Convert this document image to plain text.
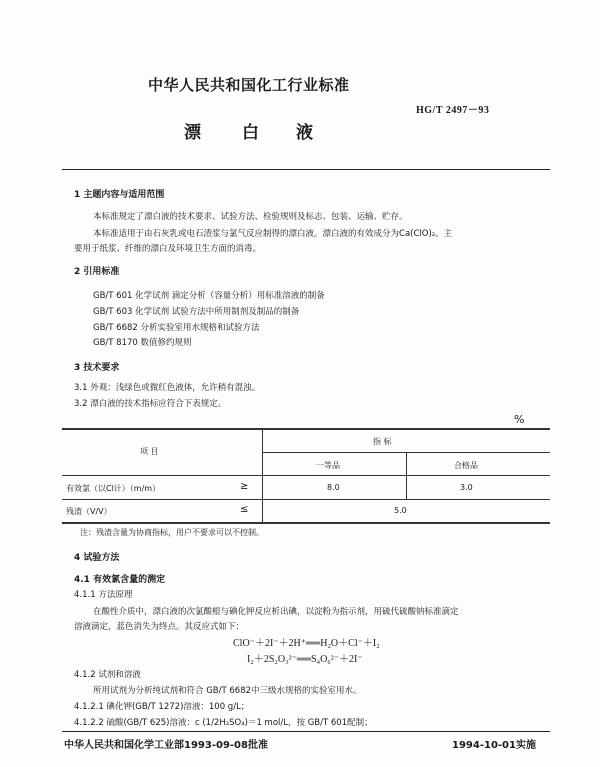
中华人民共和国化工行业标准
HG/T 2497－93
漂 白 液
1 主题内容与适用范围
本标准规定了漂白液的技术要求、试验方法、检验规则及标志、包装、运输、贮存。
本标准适用于由石灰乳或电石渣浆与氯气反应制得的漂白液。漂白液的有效成分为Ca(ClO)₂。主
要用于纸浆、纤维的漂白及环境卫生方面的消毒。
2 引用标准
GB/T 601 化学试剂 滴定分析（容量分析）用标准溶液的制备
GB/T 603 化学试剂 试验方法中所用制剂及制品的制备
GB/T 6682 分析实验室用水规格和试验方法
GB/T 8170 数值修约规则
3 技术要求
3.1 外观：浅绿色或微红色液体，允许稍有混浊。
3.2 漂白液的技术指标应符合下表规定。
%
项 目
指 标
一等品	合格品
有效氯（以Cl计）（m/m）	≥	8.0	3.0
残渣（V/V）	≤	5.0
注：残渣含量为协商指标，用户不要求可以不控制。
4 试验方法
4.1 有效氯含量的测定
4.1.1 方法原理
在酸性介质中，漂白液的次氯酸根与碘化钾反应析出碘，以淀粉为指示剂，用硫代硫酸钠标准滴定
溶液滴定，蓝色消失为终点。其反应式如下：
ClO⁻＋2I⁻＋2H⁺══H₂O＋Cl⁻＋I₂
I₂＋2S₂O₃²⁻══S₄O₆²⁻＋2I⁻
4.1.2 试剂和溶液
所用试剂为分析纯试剂和符合 GB/T 6682中三级水规格的实验室用水。
4.1.2.1 碘化钾(GB/T 1272)溶液：100 g/L；
4.1.2.2 硫酸(GB/T 625)溶液：c (1/2H₂SO₄)＝1 mol/L，按 GB/T 601配制；
中华人民共和国化学工业部1993-09-08批准	1994-10-01实施
